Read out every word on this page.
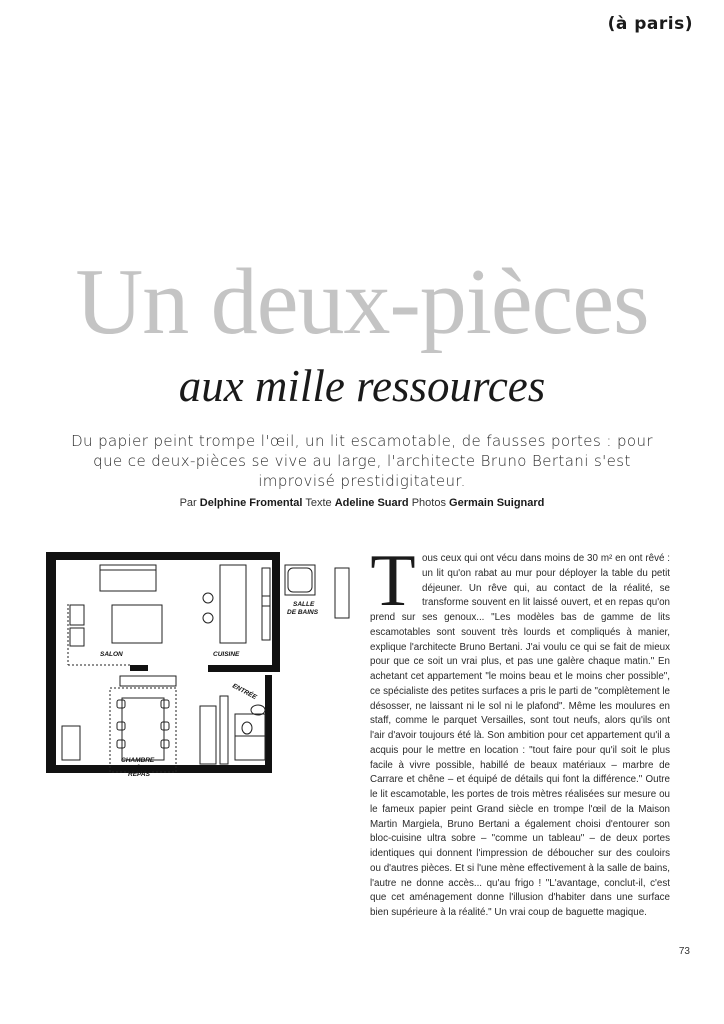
(à paris)
Un deux-pièces
aux mille ressources
Du papier peint trompe l'œil, un lit escamotable, de fausses portes : pour que ce deux-pièces se vive au large, l'architecte Bruno Bertani s'est improvisé prestidigitateur.
Par Delphine Fromental Texte Adeline Suard Photos Germain Suignard
SALON	CUISINE
SALLE
DE BAINS
ENTRÉE
CHAMBRE
&
REPAS
T ous ceux qui ont vécu dans moins de 30 m² en ont rêvé : un lit qu'on rabat au mur pour déployer la table du petit déjeuner. Un rêve qui, au contact de la réalité, se transforme souvent en lit laissé ouvert, et en repas qu'on prend sur ses genoux... "Les modèles bas de gamme de lits escamotables sont souvent très lourds et compliqués à manier, explique l'architecte Bruno Bertani. J'ai voulu ce qui se fait de mieux pour que ce soit un vrai plus, et pas une galère chaque matin." En achetant cet appartement "le moins beau et le moins cher possible", ce spécialiste des petites surfaces a pris le parti de "complètement le désosser, ne laissant ni le sol ni le plafond". Même les moulures en staff, comme le parquet Versailles, sont tout neufs, alors qu'ils ont l'air d'avoir toujours été là. Son ambition pour cet appartement qu'il a acquis pour le mettre en location : "tout faire pour qu'il soit le plus facile à vivre possible, habillé de beaux matériaux – marbre de Carrare et chêne – et équipé de détails qui font la différence." Outre le lit escamotable, les portes de trois mètres réalisées sur mesure ou le fameux papier peint Grand siècle en trompe l'œil de la Maison Martin Margiela, Bruno Bertani a également choisi d'entourer son bloc-cuisine ultra sobre – "comme un tableau" – de deux portes identiques qui donnent l'impression de déboucher sur des couloirs ou d'autres pièces. Et si l'une mène effectivement à la salle de bains, l'autre ne donne accès... qu'au frigo ! "L'avantage, conclut-il, c'est que cet aménagement donne l'illusion d'habiter dans une surface bien supérieure à la réalité." Un vrai coup de baguette magique.
73
